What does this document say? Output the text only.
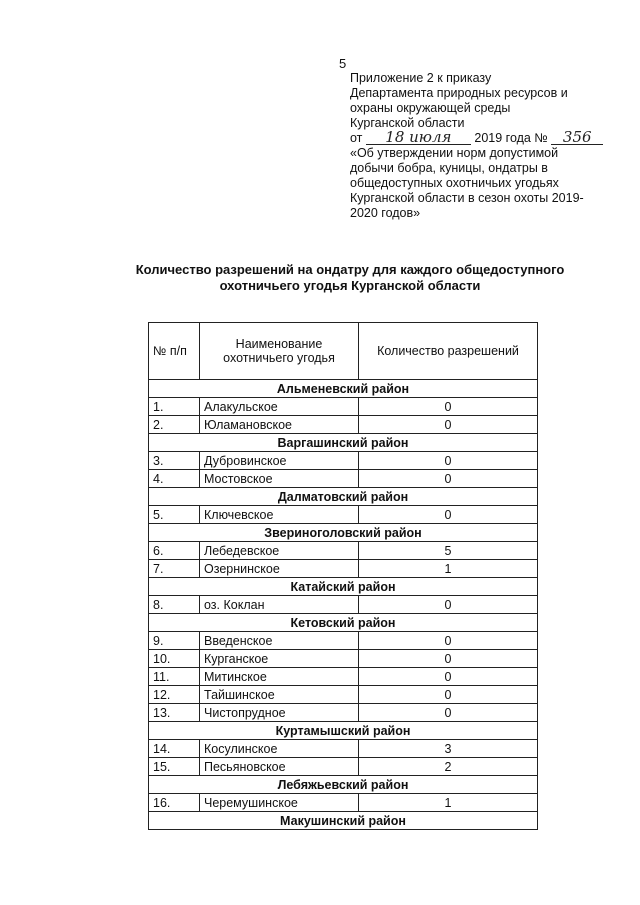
5
Приложение 2 к приказу
Департамента природных ресурсов и
охраны окружающей среды
Курганской области
от 18 июля 2019 года № 356
«Об утверждении норм допустимой
добычи бобра, куницы, ондатры в
общедоступных охотничьих угодьях
Курганской области в сезон охоты 2019-
2020 годов»
Количество разрешений на ондатру для каждого общедоступного
охотничьего угодья Курганской области
№ п/п	Наименование охотничьего угодья	Количество разрешений
Альменевский район		
1.	Алакульское	0
2.	Юламановское	0
Варгашинский район		
3.	Дубровинское	0
4.	Мостовское	0
Далматовский район		
5.	Ключевское	0
Звериноголовский район		
6.	Лебедевское	5
7.	Озернинское	1
Катайский район		
8.	оз. Коклан	0
Кетовский район		
9.	Введенское	0
10.	Курганское	0
11.	Митинское	0
12.	Тайшинское	0
13.	Чистопрудное	0
Куртамышский район		
14.	Косулинское	3
15.	Песьяновское	2
Лебяжьевский район		
16.	Черемушинское	1
Макушинский район		
